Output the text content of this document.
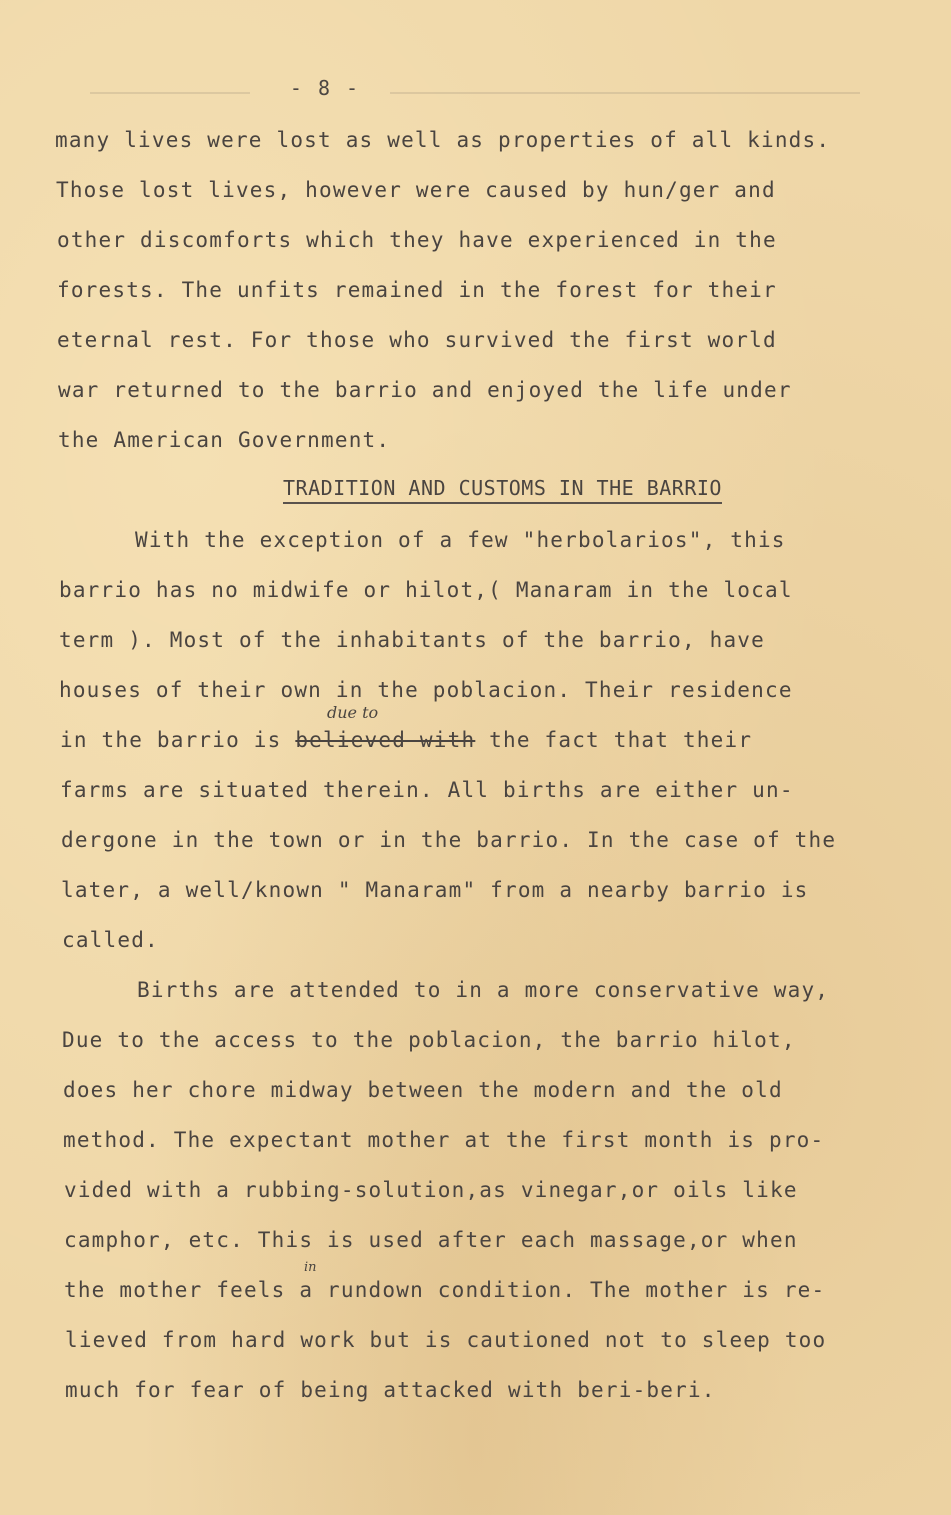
- 8 -
many lives were lost as well as properties of all kinds.
Those lost lives, however were caused by hun/ger and
other discomforts which they have experienced in the
forests. The unfits remained in the forest for their
eternal rest. For those who survived the first world
war returned to the barrio and enjoyed the life under
the American Government.
TRADITION AND CUSTOMS IN THE BARRIO
With the exception of a few "herbolarios", this
barrio has no midwife or hilot,( Manaram in the local
term ). Most of the inhabitants of the barrio, have
houses of their own in the poblacion. Their residence
due to
in the barrio is believed with the fact that their
farms are situated therein. All births are either un-
dergone in the town or in the barrio. In the case of the
later, a well/known " Manaram" from a nearby barrio is
called.
Births are attended to in a more conservative way,
Due to the access to the poblacion, the barrio hilot,
does her chore midway between the modern and the old
method. The expectant mother at the first month is pro-
vided with a rubbing-solution,as vinegar,or oils like
camphor, etc. This is used after each massage,or when
in
the mother feels a rundown condition. The mother is re-
lieved from hard work but is cautioned not to sleep too
much for fear of being attacked with beri-beri.
